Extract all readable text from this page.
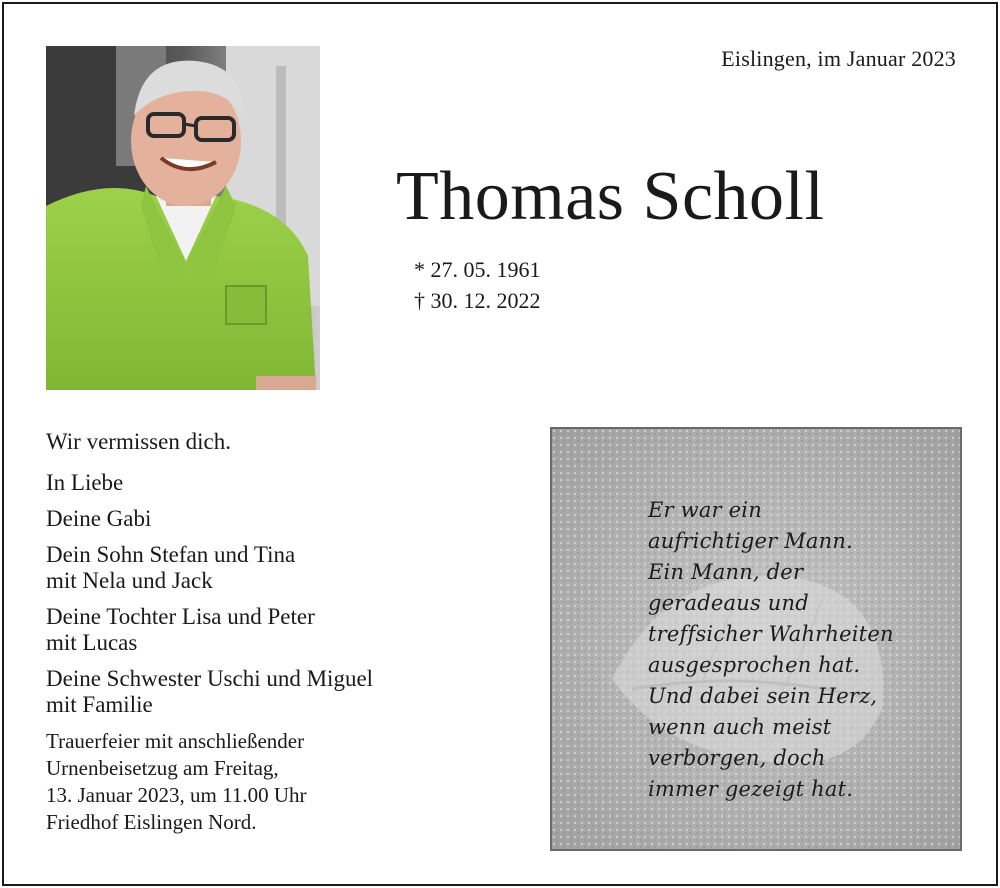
Eislingen, im Januar 2023
Thomas Scholl
* 27. 05. 1961
† 30. 12. 2022
Wir vermissen dich.
In Liebe
Deine Gabi
Dein Sohn Stefan und Tina
mit Nela und Jack
Deine Tochter Lisa und Peter
mit Lucas
Deine Schwester Uschi und Miguel
mit Familie
Trauerfeier mit anschließender
Urnenbeisetzug am Freitag,
13. Januar 2023, um 11.00 Uhr
Friedhof Eislingen Nord.
Er war ein
aufrichtiger Mann.
Ein Mann, der
geradeaus und
treffsicher Wahrheiten
ausgesprochen hat.
Und dabei sein Herz,
wenn auch meist
verborgen, doch
immer gezeigt hat.
